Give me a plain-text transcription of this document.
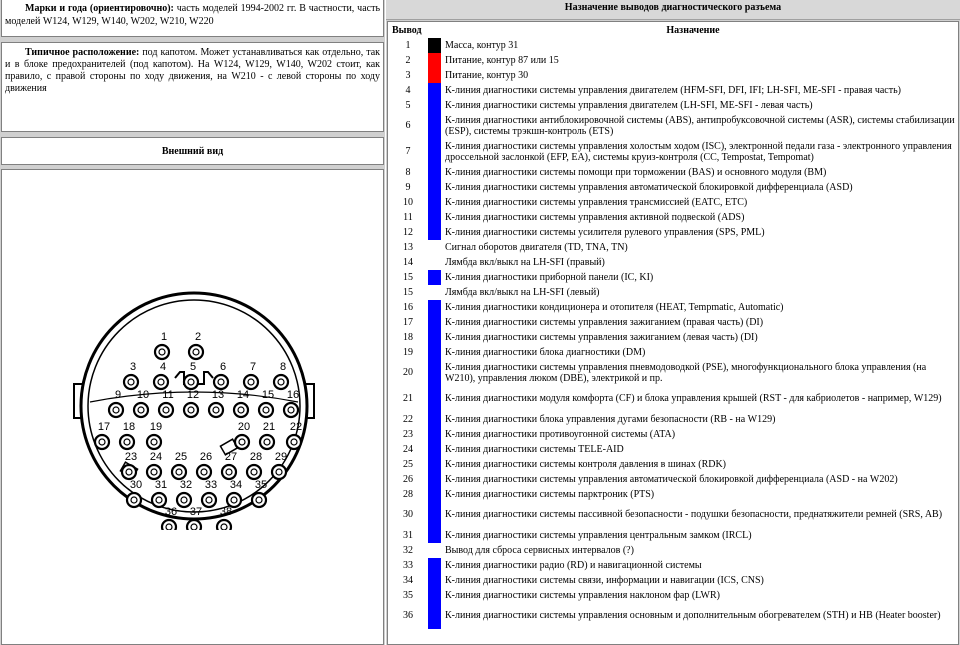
Марки и года (ориентировочно): часть моделей 1994-2002 гг. В частности, часть моделей W124, W129, W140, W202, W210, W220
Типичное расположение: под капотом. Может устанавливаться как отдельно, так и в блоке предохранителей (под капотом). На W124, W129, W140, W202 стоит, как правило, с правой стороны по ходу движения, на W210 - с левой стороны по ходу движения
Внешний вид
1	2
3 4 5 6 7 8
9 10 11 12 13 14 15 16
17 18 19	20 21 22
23 24 25 26 27 28 29
30 31 32 33 34 35
36 37 38
Назначение выводов диагностического разъема
Вывод	Назначение	
1		Масса, контур 31
2		Питание, контур 87 или 15
3		Питание, контур 30
4		К-линия диагностики системы управления двигателем (HFM-SFI, DFI, IFI; LH-SFI, ME-SFI - правая часть)
5		К-линия диагностики системы управления двигателем (LH-SFI, ME-SFI - левая часть)
6		К-линия диагностики антиблокировочной системы (ABS), антипробуксовочной системы (ASR), системы стабилизации (ESP), системы трэкшн-контроль (ETS)
7		К-линия диагностики системы управления холостым ходом (ISC), электронной педали газа - электронного управления дроссельной заслонкой (EFP, EA), системы круиз-контроля (CC, Tempostat, Tempomat)
8		К-линия диагностики системы помощи при торможении (BAS) и основного модуля (BM)
9		К-линия диагностики системы управления автоматической блокировкой дифференциала (ASD)
10		К-линия диагностики системы управления трансмиссией (EATC, ETC)
11		К-линия диагностики системы управления активной подвеской (ADS)
12		К-линия диагностики системы усилителя рулевого управления (SPS, PML)
13		Сигнал оборотов двигателя (TD, TNA, TN)
14		Лямбда вкл/выкл на LH-SFI (правый)
15		К-линия диагностики приборной панели (IC, KI)
15		Лямбда вкл/выкл на LH-SFI (левый)
16		К-линия диагностики кондиционера и отопителя (HEAT, Tempmatic, Automatic)
17		К-линия диагностики системы управления зажиганием (правая часть) (DI)
18		К-линия диагностики системы управления зажиганием (левая часть) (DI)
19		К-линия диагностики блока диагностики (DM)
20		К-линия диагностики системы управления пневмодоводкой (PSE), многофункционального блока управления (на W210), управления люком (DBE), электрикой и пр.
21		К-линия диагностики модуля комфорта (CF) и блока управления крышей (RST - для кабриолетов - например, W129)
22		К-линия диагностики блока управления дугами безопасности (RB - на W129)
23		К-линия диагностики противоугонной системы (ATA)
24		К-линия диагностики системы TELE-AID
25		К-линия диагностики системы контроля давления в шинах (RDK)
26		К-линия диагностики системы управления автоматической блокировкой дифференциала (ASD - на W202)
28		К-линия диагностики системы парктроник (PTS)
30		К-линия диагностики системы пассивной безопасности - подушки безопасности, преднатяжители ремней (SRS, AB)
31		К-линия диагностики системы управления центральным замком (IRCL)
32		Вывод для сброса сервисных интервалов (?)
33		К-линия диагностики радио (RD) и навигационной системы
34		К-линия диагностики системы связи, информации и навигации (ICS, CNS)
35		К-линия диагностики системы управления наклоном фар (LWR)
36		К-линия диагностики системы управления основным и дополнительным обогревателем (STH) и HB (Heater booster)
